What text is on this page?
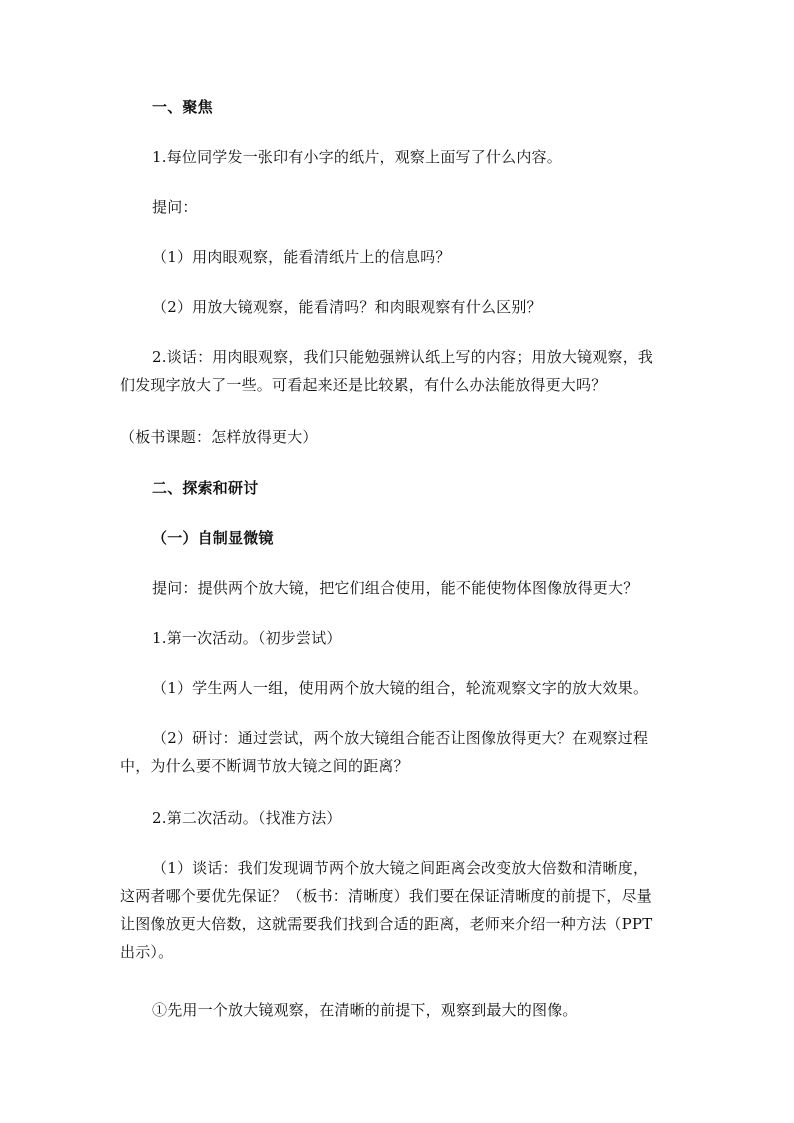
一、聚焦
1.每位同学发一张印有小字的纸片，观察上面写了什么内容。
提问：
（1）用肉眼观察，能看清纸片上的信息吗？
（2）用放大镜观察，能看清吗？和肉眼观察有什么区别？
2.谈话：用肉眼观察，我们只能勉强辨认纸上写的内容；用放大镜观察，我
们发现字放大了一些。可看起来还是比较累，有什么办法能放得更大吗？
（板书课题：怎样放得更大）
二、探索和研讨
（一）自制显微镜
提问：提供两个放大镜，把它们组合使用，能不能使物体图像放得更大？
1.第一次活动。（初步尝试）
（1）学生两人一组，使用两个放大镜的组合，轮流观察文字的放大效果。
（2）研讨：通过尝试，两个放大镜组合能否让图像放得更大？在观察过程
中，为什么要不断调节放大镜之间的距离？
2.第二次活动。（找准方法）
（1）谈话：我们发现调节两个放大镜之间距离会改变放大倍数和清晰度，
这两者哪个要优先保证？（板书：清晰度）我们要在保证清晰度的前提下，尽量
让图像放更大倍数，这就需要我们找到合适的距离，老师来介绍一种方法（PPT
出示）。
①先用一个放大镜观察，在清晰的前提下，观察到最大的图像。
